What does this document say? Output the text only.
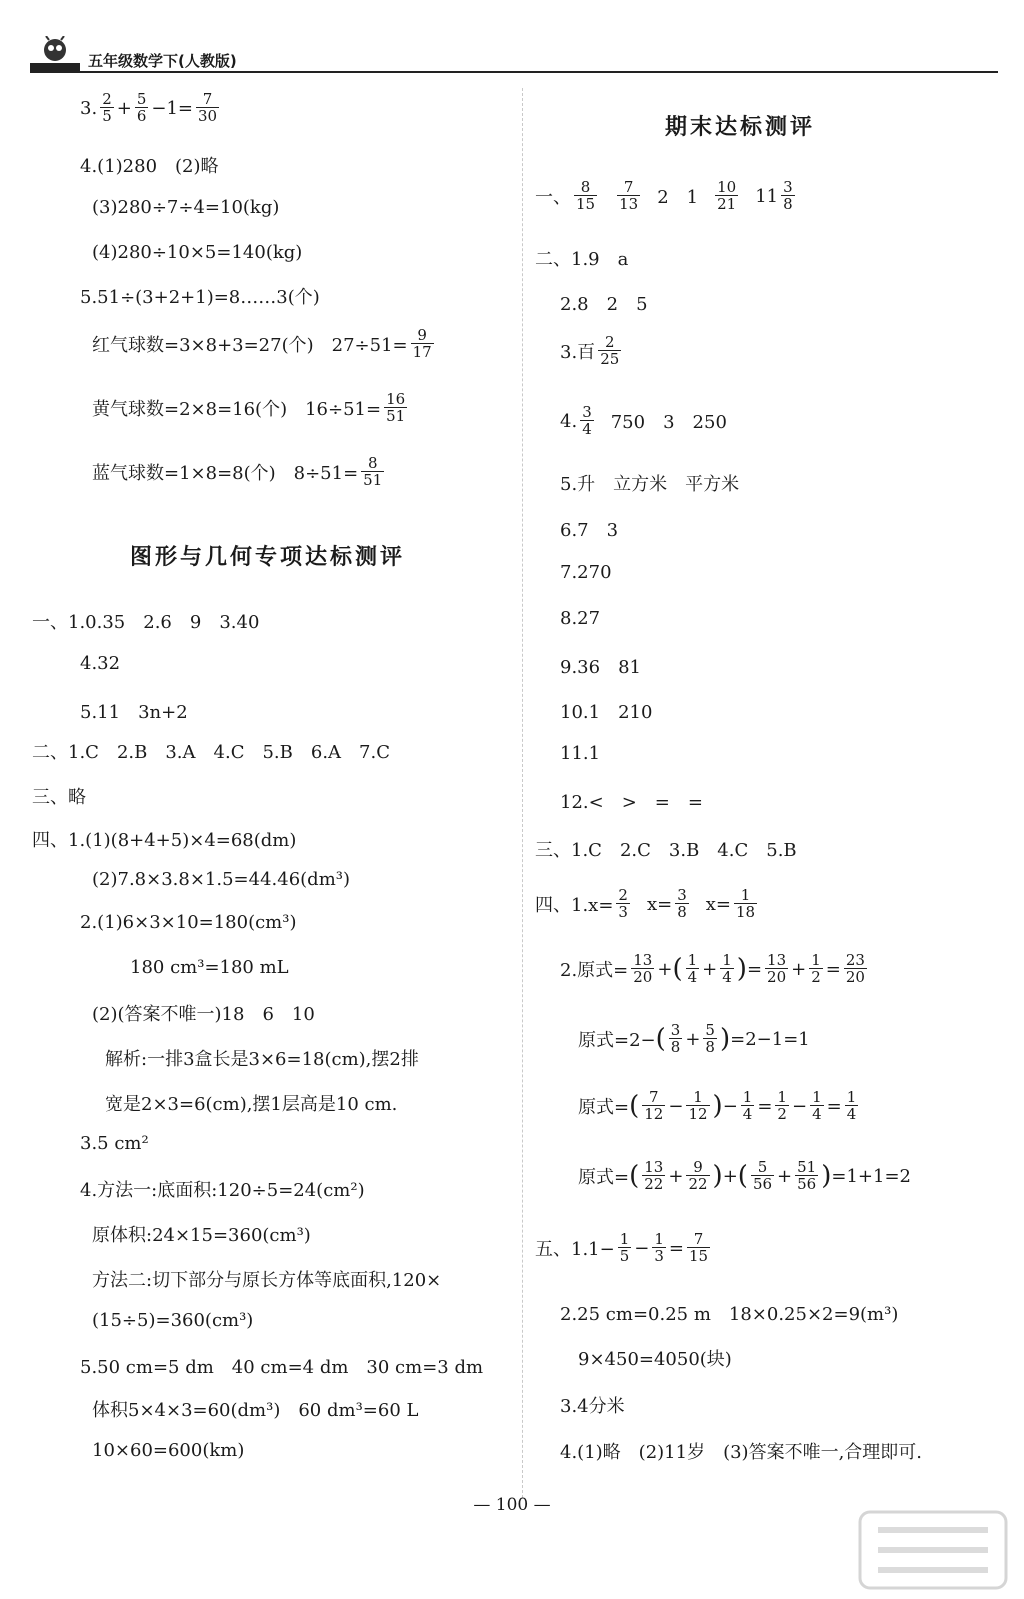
五年级数学下(人教版)
3. $\frac{2}{5} + \frac{5}{6} -1= \frac{7}{30}$
4.(1)280　(2)略
(3)280÷7÷4=10(kg)
(4)280÷10×5=140(kg)
5.51÷(3+2+1)=8……3(个)
红气球数=3×8+3=27(个)　$27\div 51= \frac{9}{17}$
黄气球数=2×8=16(个)　$16\div 51= \frac{16}{51}$
蓝气球数=1×8=8(个)　$8\div 51= \frac{8}{51}$
图形与几何专项达标测评
一、1.0.35　2.6　9　3.40
4.32
5.11　3n+2
二、1.C　2.B　3.A　4.C　5.B　6.A　7.C
三、略
四、1.(1)(8+4+5)×4=68(dm)
(2)7.8×3.8×1.5=44.46(dm³)
2.(1)6×3×10=180(cm³)
180 cm³=180 mL
(2)(答案不唯一)18　6　10
解析:一排3盒长是3×6=18(cm),摆2排
宽是2×3=6(cm),摆1层高是10 cm.
3.5 cm²
4.方法一:底面积:120÷5=24(cm²)
原体积:24×15=360(cm³)
方法二:切下部分与原长方体等底面积,120×
(15÷5)=360(cm³)
5.50 cm=5 dm　40 cm=4 dm　30 cm=3 dm
体积5×4×3=60(dm³)　60 dm³=60 L
10×60=600(km)
期末达标测评
一、 $\frac{8}{15} \frac{7}{13} 2$　$1 \frac{10}{21} 11 \frac{3}{8}$
二、1.9　a
2.8　2　5
3.百 $\frac{2}{25}$
4. $\frac{3}{4} 750$　3　250
5.升　立方米　平方米
6.7　3
7.270
8.27
9.36　81
10.1　210
11.1
12.<　>　=　=
三、1.C　2.C　3.B　4.C　5.B
四、$1.x= \frac{2}{3} x= \frac{3}{8} x= \frac{1}{18}$
2.原式= $\frac{13}{20}$ + ( $\frac{1}{4} + \frac{1}{4}$ ) = $\frac{13}{20} + \frac{1}{2} = \frac{23}{20}$
原式=2− ( $\frac{3}{8} + \frac{5}{8}$ ) =2−1=1
原式= ( $\frac{7}{12} - \frac{1}{12}$ ) − $\frac{1}{4} = \frac{1}{2} - \frac{1}{4} = \frac{1}{4}$
原式= ( $\frac{13}{22} + \frac{9}{22}$ ) + ( $\frac{5}{56} + \frac{51}{56}$ ) =1+1=2
五、$1.1- \frac{1}{5} - \frac{1}{3} = \frac{7}{15}$
2.25 cm=0.25 m　18×0.25×2=9(m³)
9×450=4050(块)
3.4分米
4.(1)略　(2)11岁　(3)答案不唯一,合理即可.
— 100 —
